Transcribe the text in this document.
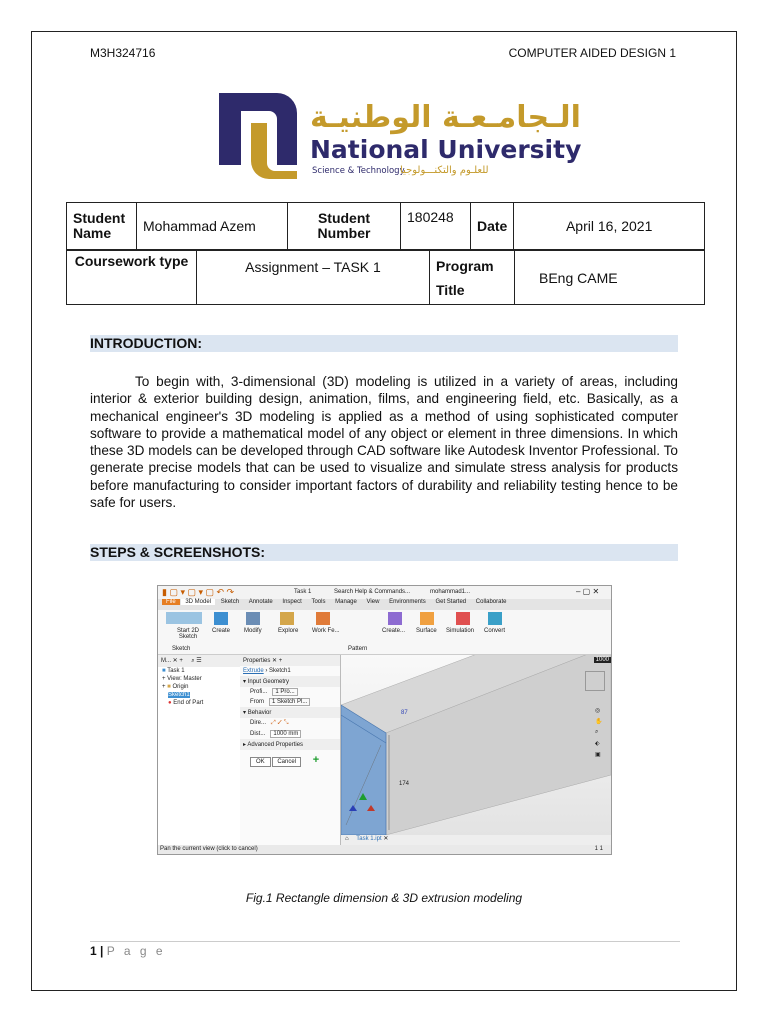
M3H324716	COMPUTER AIDED DESIGN 1
الـجامـعـة الوطنيـة
National University
Science & Technology
للعلـوم والتكنـــولوجيا
Student Name	Mohammad Azem	Student Number	180248	Date	April 16, 2021
Coursework type	Assignment – TASK 1	Program Title	BEng CAME
INTRODUCTION:
To begin with, 3-dimensional (3D) modeling is utilized in a variety of areas, including interior & exterior building design, animation, films, and engineering field, etc. Basically, as a mechanical engineer's 3D modeling is applied as a method of using sophisticated computer software to provide a mathematical model of any object or element in three dimensions. In which these 3D models can be developed through CAD software like Autodesk Inventor Professional. To generate precise models that can be used to visualize and simulate stress analysis for products before manufacturing to consider important factors of durability and reliability testing hence to be safe for users.
STEPS & SCREENSHOTS:
▮ ▢ ▾ ▢ ▾ ▢ ↶ ↷	Task 1	Search Help & Commands...	mohammad1...	– ▢ ✕
File 3D Model Sketch Annotate Inspect Tools Manage View Environments Get Started Collaborate
Start 2D Sketch
Create Modify	Explore Work Fe...
Pattern
Create... Surface Simulation Convert
Sketch
M... ✕ +     ⌕ ☰
■ Task 1
+ View: Master
+ ■ Origin
Sketch1
● End of Part
Properties ✕ +
Extrude › Sketch1
▾ Input Geometry
Profi... 1 Pro...
From 1 Sketch Pl...
▾ Behavior
Dire... ⤢ ✓ ⤡
Dist... 1000 mm
▸ Advanced Properties
OK Cancel +
87
174
1000
◎
✋
⌕
⬖
▣
⌂ Task 1.ipt ✕
Pan the current view (click to cancel)	1 1
Fig.1 Rectangle dimension & 3D extrusion modeling
1 | P a g e
